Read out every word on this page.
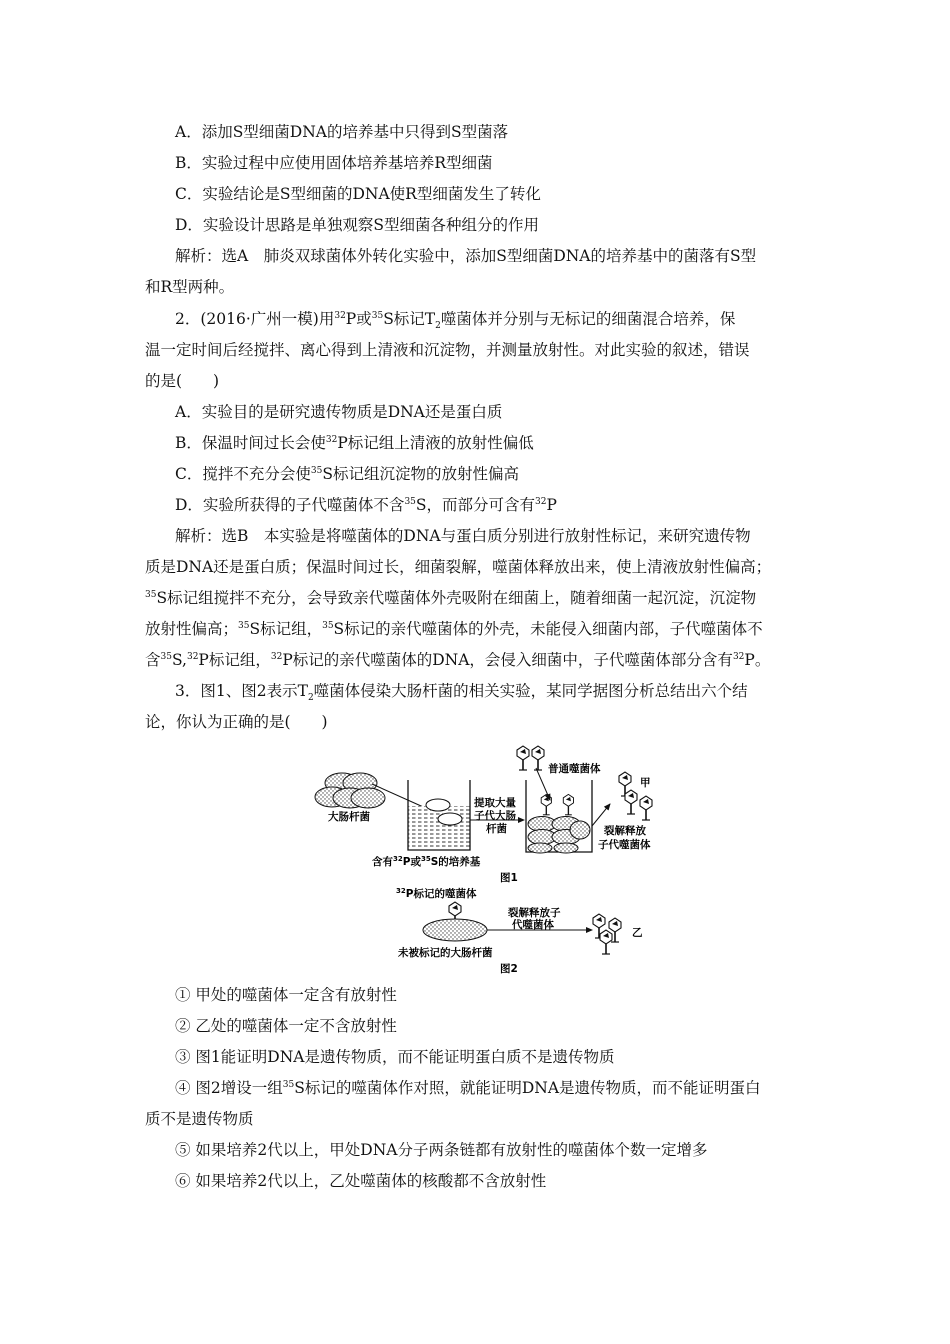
A．添加S型细菌DNA的培养基中只得到S型菌落
B．实验过程中应使用固体培养基培养R型细菌
C．实验结论是S型细菌的DNA使R型细菌发生了转化
D．实验设计思路是单独观察S型细菌各种组分的作用
解析：选A　肺炎双球菌体外转化实验中，添加S型细菌DNA的培养基中的菌落有S型
和R型两种。
2．(2016·广州一模)用$^{32}$P或$^{35}$S标记$T_2$噬菌体并分别与无标记的细菌混合培养，保
温一定时间后经搅拌、离心得到上清液和沉淀物，并测量放射性。对此实验的叙述，错误
的是(　　)
A．实验目的是研究遗传物质是DNA还是蛋白质
B．保温时间过长会使$^{32}$P标记组上清液的放射性偏低
C．搅拌不充分会使$^{35}$S标记组沉淀物的放射性偏高
D．实验所获得的子代噬菌体不含$^{35}$S，而部分可含有$^{32}$P
解析：选B　本实验是将噬菌体的DNA与蛋白质分别进行放射性标记，来研究遗传物
质是DNA还是蛋白质；保温时间过长，细菌裂解，噬菌体释放出来，使上清液放射性偏高；
$^{35}$S标记组搅拌不充分，会导致亲代噬菌体外壳吸附在细菌上，随着细菌一起沉淀，沉淀物
放射性偏高；$^{35}$S标记组，$^{35}$S标记的亲代噬菌体的外壳，未能侵入细菌内部，子代噬菌体不
含$^{35}$S,$^{32}$P标记组，$^{32}$P标记的亲代噬菌体的DNA，会侵入细菌中，子代噬菌体部分含有$^{32}$P。
3．图1、图2表示$T_2$噬菌体侵染大肠杆菌的相关实验，某同学据图分析总结出六个结
论，你认为正确的是(　　)
大肠杆菌
含有$^{32}$P或$^{35}$S的培养基
提取大量
子代大肠
杆菌
普通噬菌体
甲
裂解释放
子代噬菌体
图1
$^{32}$P标记的噬菌体
裂解释放子
代噬菌体
乙
未被标记的大肠杆菌
图2
① 甲处的噬菌体一定含有放射性
② 乙处的噬菌体一定不含放射性
③ 图1能证明DNA是遗传物质，而不能证明蛋白质不是遗传物质
④ 图2增设一组$^{35}$S标记的噬菌体作对照，就能证明DNA是遗传物质，而不能证明蛋白
质不是遗传物质
⑤ 如果培养2代以上，甲处DNA分子两条链都有放射性的噬菌体个数一定增多
⑥ 如果培养2代以上，乙处噬菌体的核酸都不含放射性
